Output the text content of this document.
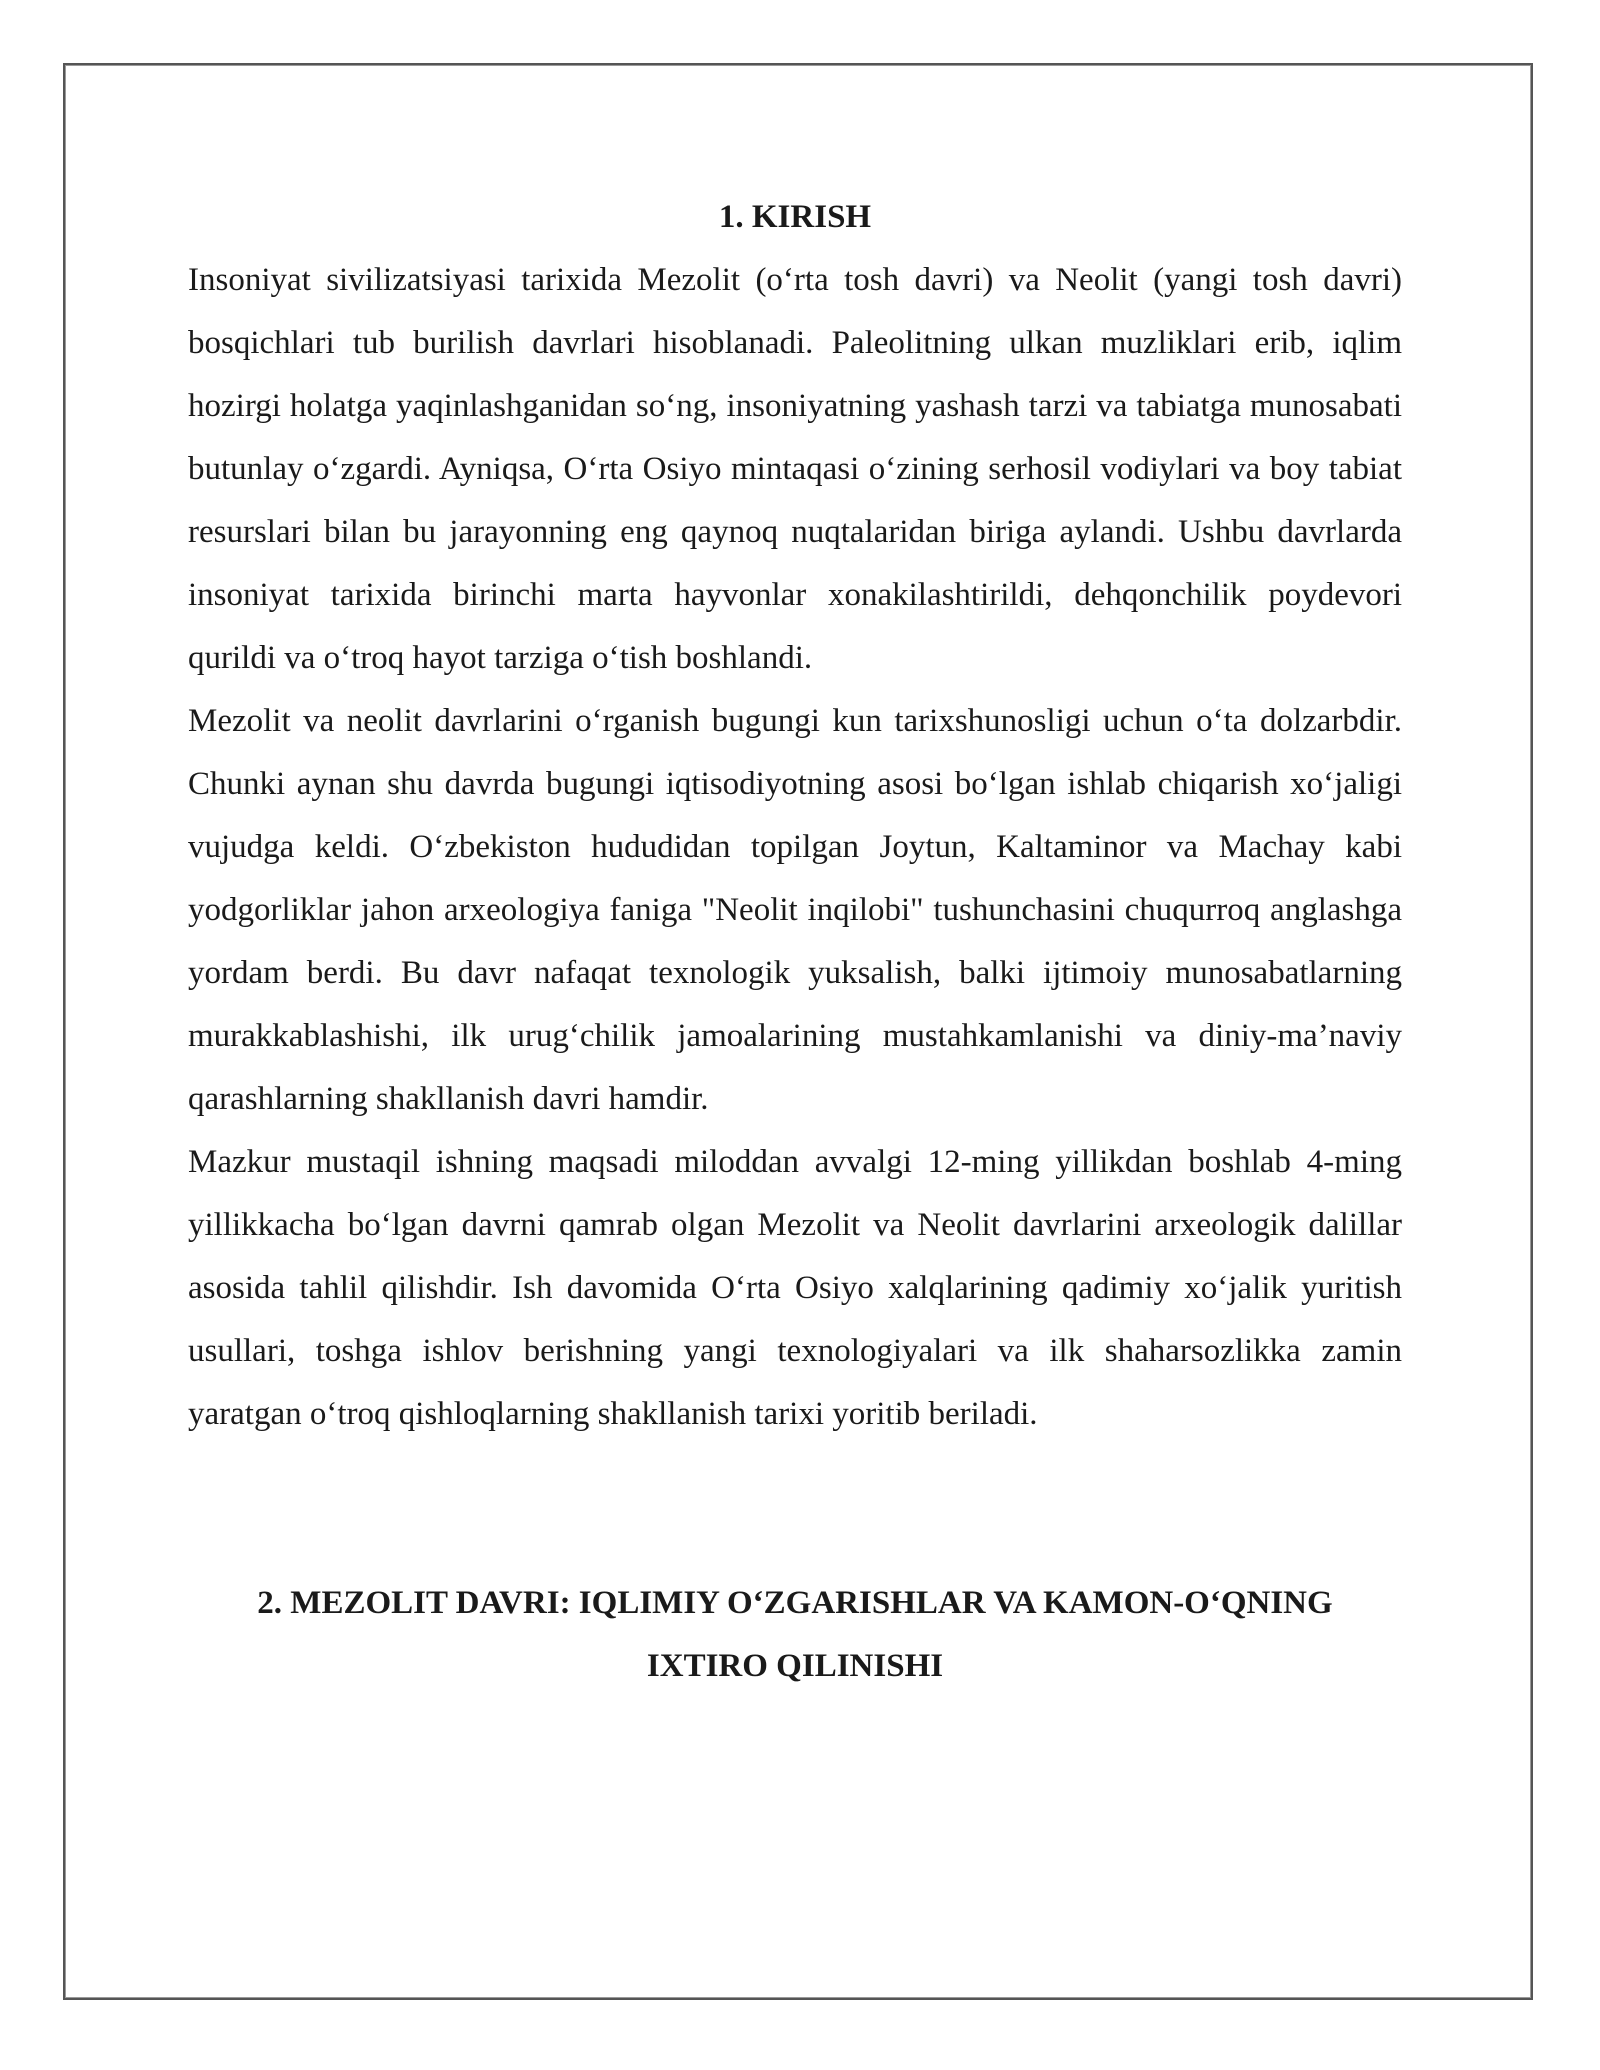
1. KIRISH

Insoniyat sivilizatsiyasi tarixida Mezolit (o‘rta tosh davri) va Neolit (yangi tosh davri) bosqichlari tub burilish davrlari hisoblanadi. Paleolitning ulkan muzliklari erib, iqlim hozirgi holatga yaqinlashganidan so‘ng, insoniyatning yashash tarzi va tabiatga munosabati butunlay o‘zgardi. Ayniqsa, O‘rta Osiyo mintaqasi o‘zining serhosil vodiylari va boy tabiat resurslari bilan bu jarayonning eng qaynoq nuqtalaridan biriga aylandi. Ushbu davrlarda insoniyat tarixida birinchi marta hayvonlar xonakilashtirildi, dehqonchilik poydevori qurildi va o‘troq hayot tarziga o‘tish boshlandi.

Mezolit va neolit davrlarini o‘rganish bugungi kun tarixshunosligi uchun o‘ta dolzarbdir. Chunki aynan shu davrda bugungi iqtisodiyotning asosi bo‘lgan ishlab chiqarish xo‘jaligi vujudga keldi. O‘zbekiston hududidan topilgan Joytun, Kaltaminor va Machay kabi yodgorliklar jahon arxeologiya faniga "Neolit inqilobi" tushunchasini chuqurroq anglashga yordam berdi. Bu davr nafaqat texnologik yuksalish, balki ijtimoiy munosabatlarning murakkablashishi, ilk urug‘chilik jamoalarining mustahkamlanishi va diniy-ma’naviy qarashlarning shakllanish davri hamdir.

Mazkur mustaqil ishning maqsadi miloddan avvalgi 12-ming yillikdan boshlab 4-ming yillikkacha bo‘lgan davrni qamrab olgan Mezolit va Neolit davrlarini arxeologik dalillar asosida tahlil qilishdir. Ish davomida O‘rta Osiyo xalqlarining qadimiy xo‘jalik yuritish usullari, toshga ishlov berishning yangi texnologiyalari va ilk shaharsozlikka zamin yaratgan o‘troq qishloqlarning shakllanish tarixi yoritib beriladi.

2. MEZOLIT DAVRI: IQLIMIY O‘ZGARISHLAR VA KAMON-O‘QNING
IXTIRO QILINISHI
